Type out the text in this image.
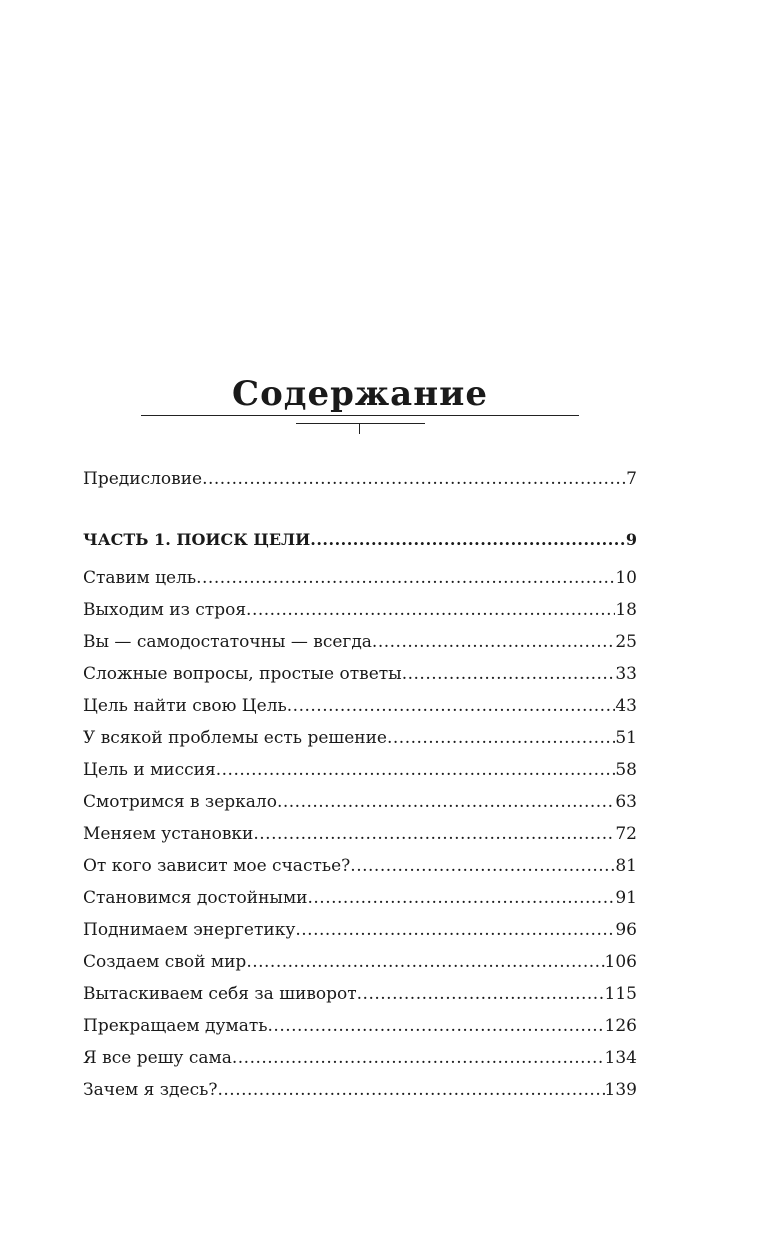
Содержание
Предисловие .....	7
ЧАСТЬ 1. ПОИСК ЦЕЛИ .....	9
Ставим цель .....	10
Выходим из строя .....	18
Вы — самодостаточны — всегда .....	25
Сложные вопросы, простые ответы .....	33
Цель найти свою Цель .....	43
У всякой проблемы есть решение .....	51
Цель и миссия .....	58
Смотримся в зеркало .....	63
Меняем установки .....	72
От кого зависит мое счастье? .....	81
Становимся достойными .....	91
Поднимаем энергетику .....	96
Создаем свой мир .....	106
Вытаскиваем себя за шиворот .....	115
Прекращаем думать .....	126
Я все решу сама .....	134
Зачем я здесь? .....	139
